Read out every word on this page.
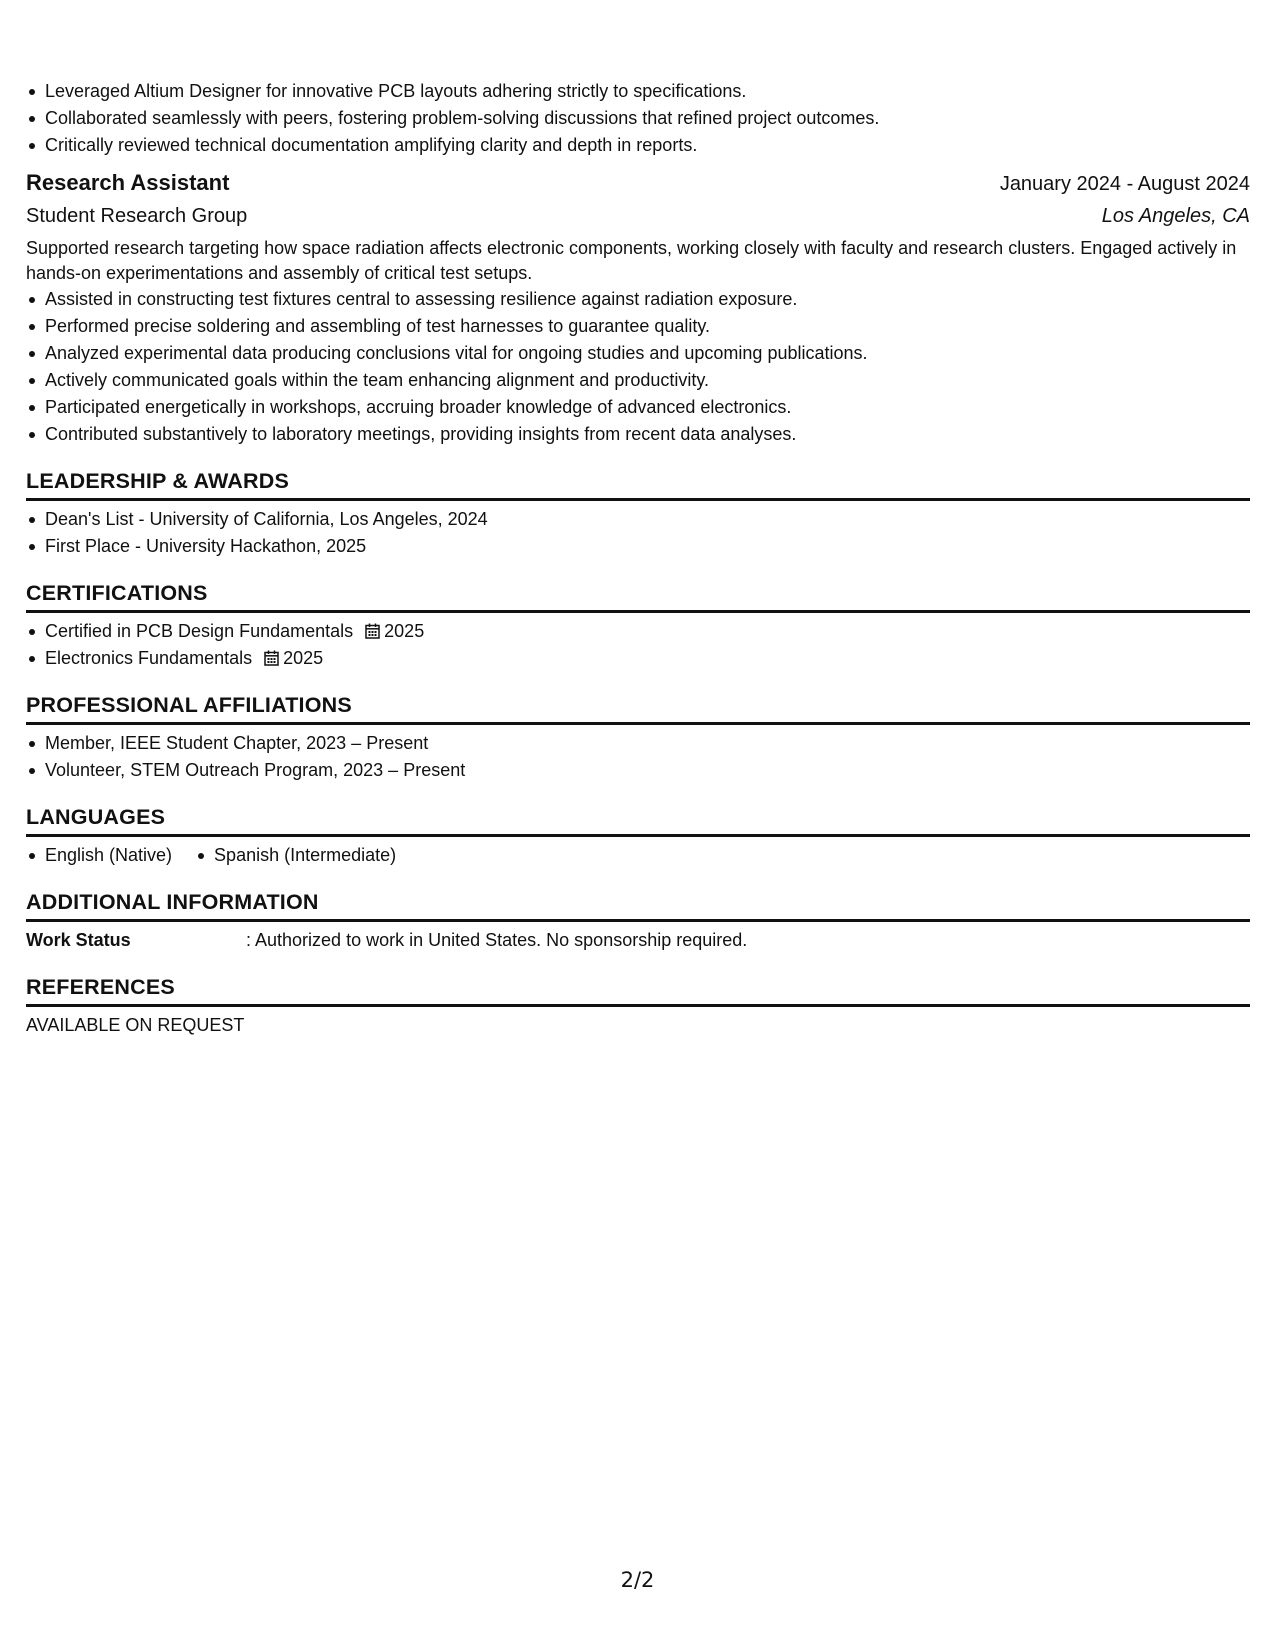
Leveraged Altium Designer for innovative PCB layouts adhering strictly to specifications.
Collaborated seamlessly with peers, fostering problem-solving discussions that refined project outcomes.
Critically reviewed technical documentation amplifying clarity and depth in reports.
Research Assistant	January 2024 - August 2024
Student Research Group	Los Angeles, CA
Supported research targeting how space radiation affects electronic components, working closely with faculty and research clusters. Engaged actively in hands-on experimentations and assembly of critical test setups.
Assisted in constructing test fixtures central to assessing resilience against radiation exposure.
Performed precise soldering and assembling of test harnesses to guarantee quality.
Analyzed experimental data producing conclusions vital for ongoing studies and upcoming publications.
Actively communicated goals within the team enhancing alignment and productivity.
Participated energetically in workshops, accruing broader knowledge of advanced electronics.
Contributed substantively to laboratory meetings, providing insights from recent data analyses.
LEADERSHIP & AWARDS
Dean's List - University of California, Los Angeles, 2024
First Place - University Hackathon, 2025
CERTIFICATIONS
Certified in PCB Design Fundamentals 2025
Electronics Fundamentals 2025
PROFESSIONAL AFFILIATIONS
Member, IEEE Student Chapter, 2023 – Present
Volunteer, STEM Outreach Program, 2023 – Present
LANGUAGES
English (Native) Spanish (Intermediate)
ADDITIONAL INFORMATION
Work Status	: Authorized to work in United States. No sponsorship required.
REFERENCES
AVAILABLE ON REQUEST
2/2
